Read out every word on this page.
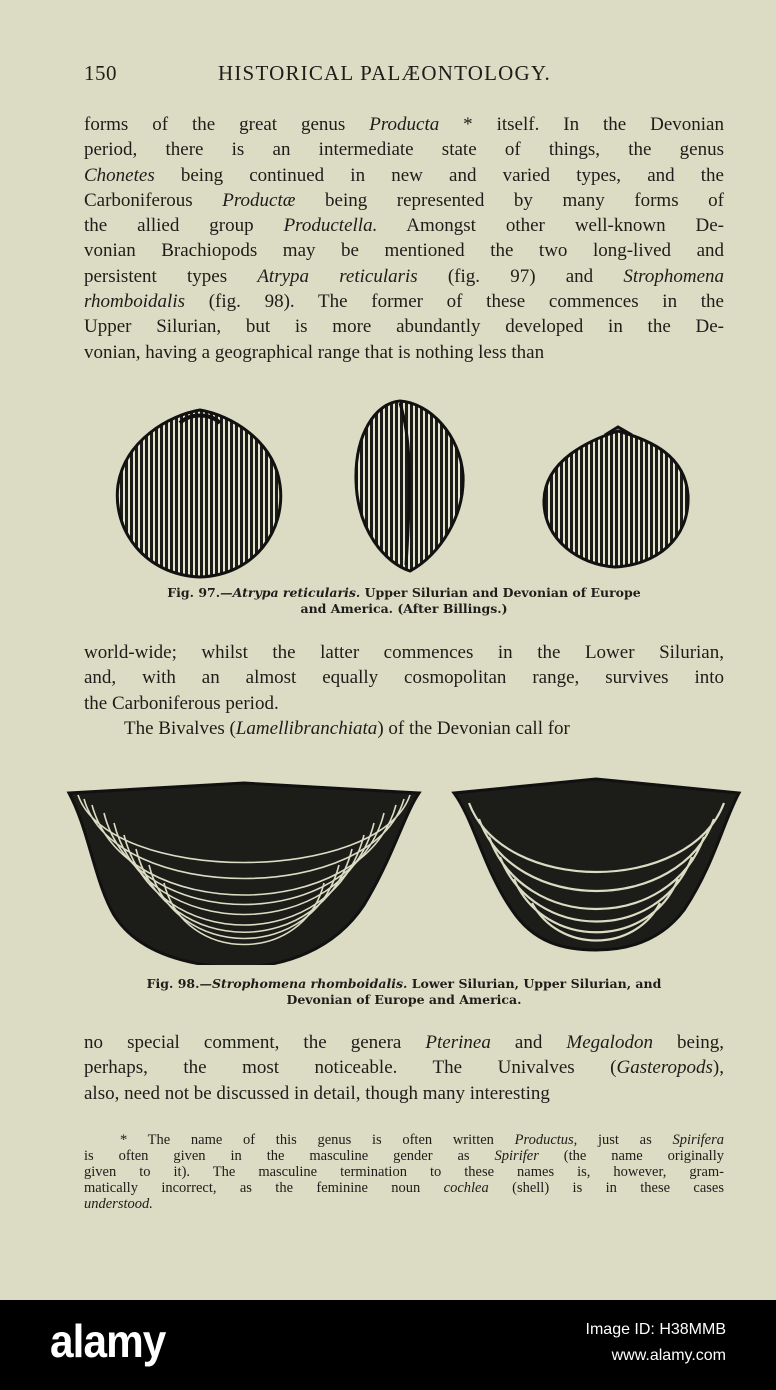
150	HISTORICAL PALÆONTOLOGY.
forms of the great genus Producta * itself. In the Devonian
period, there is an intermediate state of things, the genus
Chonetes being continued in new and varied types, and the
Carboniferous Productæ being represented by many forms of
the allied group Productella. Amongst other well-known De-
vonian Brachiopods may be mentioned the two long-lived and
persistent types Atrypa reticularis (fig. 97) and Strophomena
rhomboidalis (fig. 98). The former of these commences in the
Upper Silurian, but is more abundantly developed in the De-
vonian, having a geographical range that is nothing less than
Fig. 97.—Atrypa reticularis. Upper Silurian and Devonian of Europe
and America. (After Billings.)
world-wide; whilst the latter commences in the Lower Silurian,
and, with an almost equally cosmopolitan range, survives into
the Carboniferous period.
The Bivalves (Lamellibranchiata) of the Devonian call for
Fig. 98.—Strophomena rhomboidalis. Lower Silurian, Upper Silurian, and
Devonian of Europe and America.
no special comment, the genera Pterinea and Megalodon being,
perhaps, the most noticeable. The Univalves (Gasteropods),
also, need not be discussed in detail, though many interesting
* The name of this genus is often written Productus, just as Spirifera
is often given in the masculine gender as Spirifer (the name originally
given to it). The masculine termination to these names is, however, gram-
matically incorrect, as the feminine noun cochlea (shell) is in these cases
understood.
alamy	Image ID: H38MMB
www.alamy.com
